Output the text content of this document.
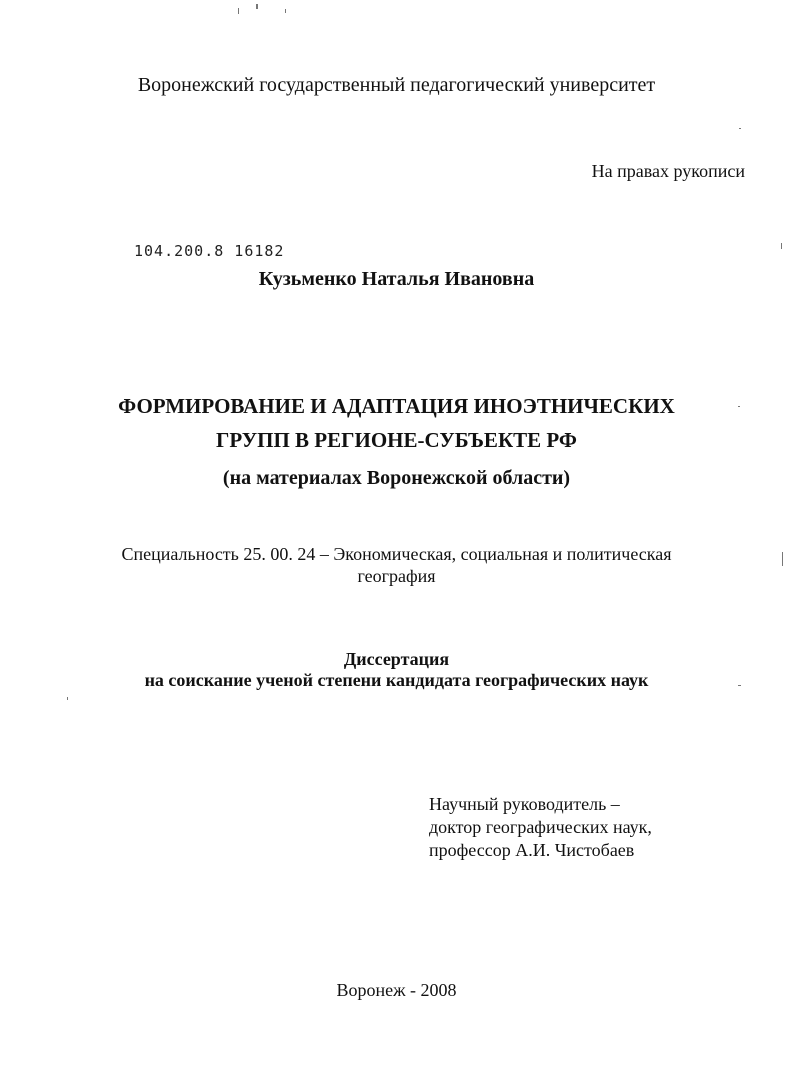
Воронежский государственный педагогический университет
На правах рукописи
104.200.8 16182
Кузьменко Наталья Ивановна
ФОРМИРОВАНИЕ И АДАПТАЦИЯ ИНОЭТНИЧЕСКИХ
ГРУПП В РЕГИОНЕ-СУБЪЕКТЕ РФ
(на материалах Воронежской области)
Специальность 25. 00. 24 – Экономическая, социальная и политическая
география
Диссертация
на соискание ученой степени кандидата географических наук
Научный руководитель –
доктор географических наук,
профессор А.И. Чистобаев
Воронеж - 2008
